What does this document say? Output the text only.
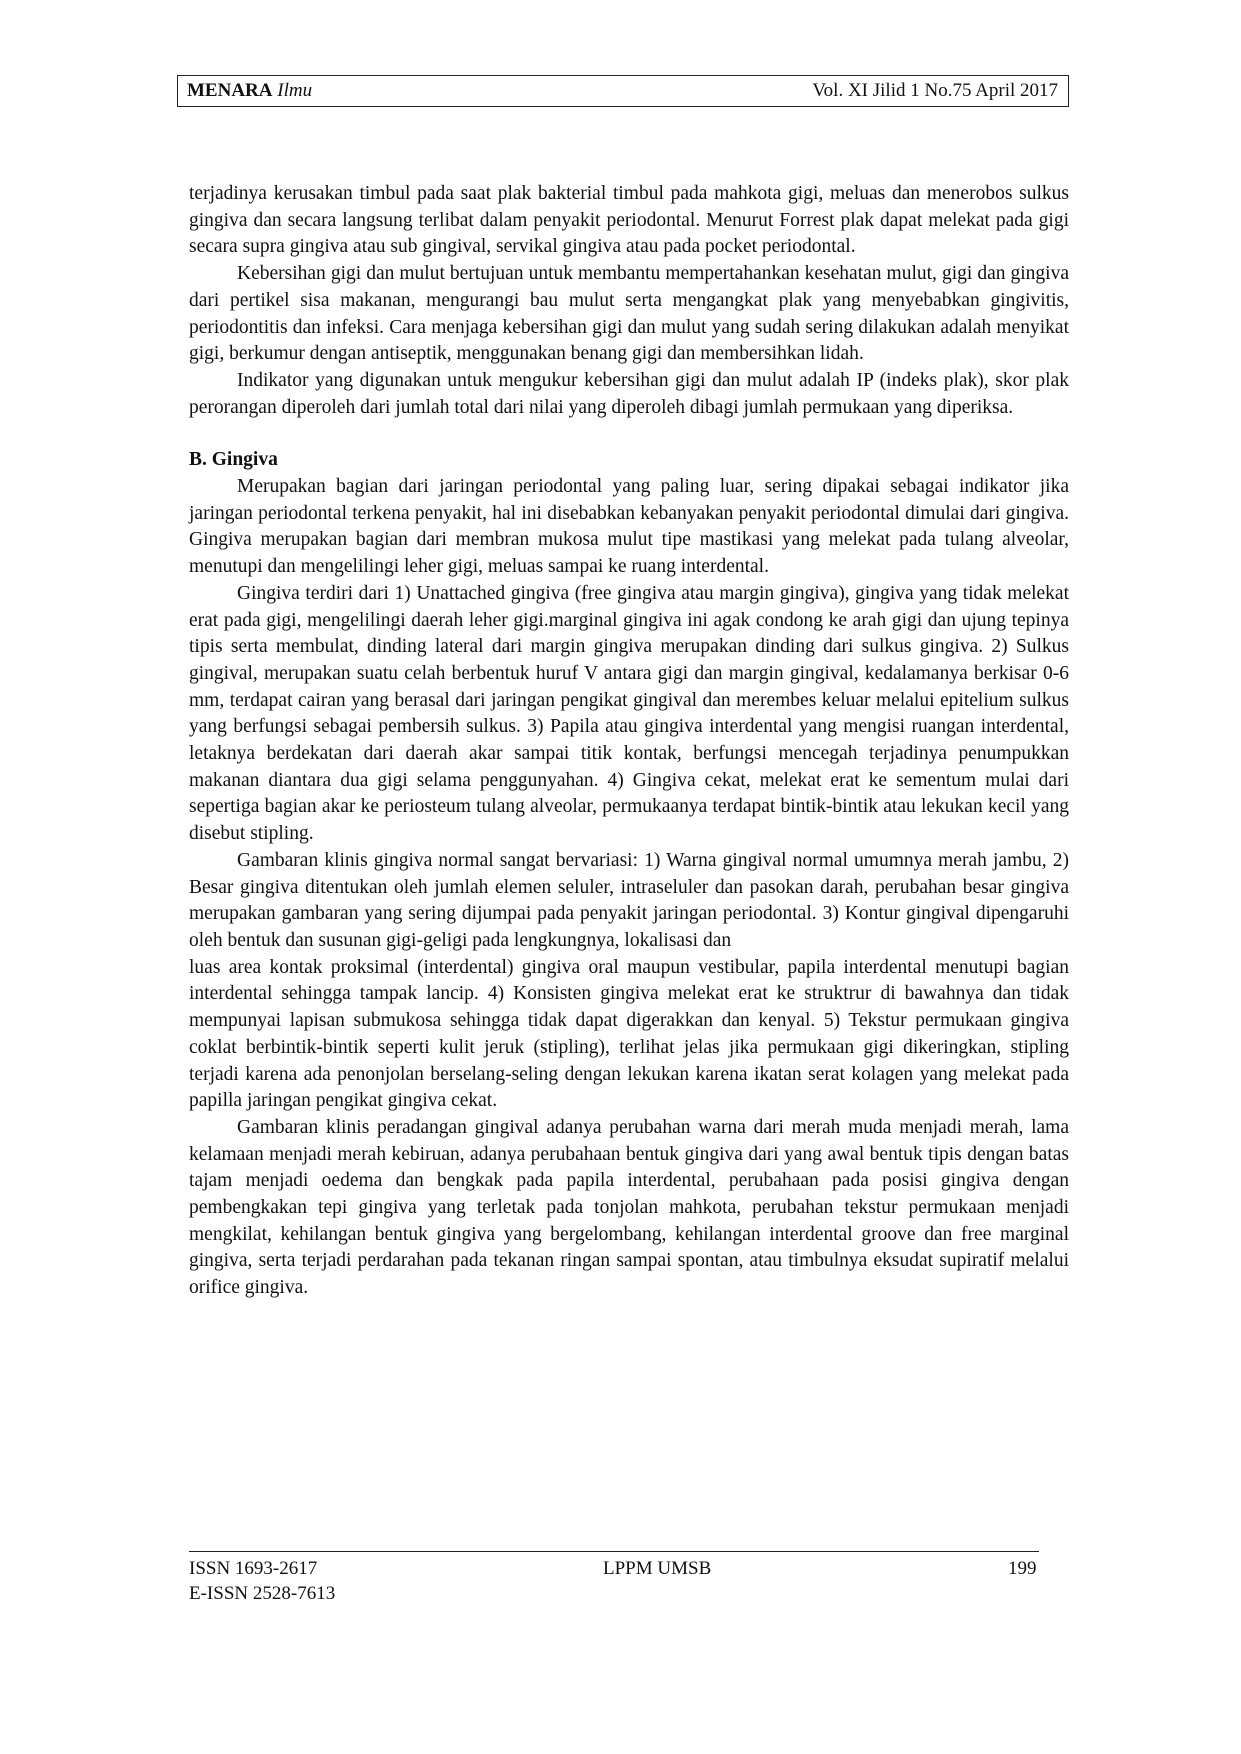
MENARA Ilmu	Vol. XI Jilid 1 No.75 April 2017

terjadinya kerusakan timbul pada saat plak bakterial timbul pada mahkota gigi, meluas dan menerobos sulkus gingiva dan secara langsung terlibat dalam penyakit periodontal. Menurut Forrest plak dapat melekat pada gigi secara supra gingiva atau sub gingival, servikal gingiva atau pada pocket periodontal.

Kebersihan gigi dan mulut bertujuan untuk membantu mempertahankan kesehatan mulut, gigi dan gingiva dari pertikel sisa makanan, mengurangi bau mulut serta mengangkat plak yang menyebabkan gingivitis, periodontitis dan infeksi. Cara menjaga kebersihan gigi dan mulut yang sudah sering dilakukan adalah menyikat gigi, berkumur dengan antiseptik, menggunakan benang gigi dan membersihkan lidah.

Indikator yang digunakan untuk mengukur kebersihan gigi dan mulut adalah IP (indeks plak), skor plak perorangan diperoleh dari jumlah total dari nilai yang diperoleh dibagi jumlah permukaan yang diperiksa.

B. Gingiva

Merupakan bagian dari jaringan periodontal yang paling luar, sering dipakai sebagai indikator jika jaringan periodontal terkena penyakit, hal ini disebabkan kebanyakan penyakit periodontal dimulai dari gingiva. Gingiva merupakan bagian dari membran mukosa mulut tipe mastikasi yang melekat pada tulang alveolar, menutupi dan mengelilingi leher gigi, meluas sampai ke ruang interdental.

Gingiva terdiri dari 1) Unattached gingiva (free gingiva atau margin gingiva), gingiva yang tidak melekat erat pada gigi, mengelilingi daerah leher gigi.marginal gingiva ini agak condong ke arah gigi dan ujung tepinya tipis serta membulat, dinding lateral dari margin gingiva merupakan dinding dari sulkus gingiva. 2) Sulkus gingival, merupakan suatu celah berbentuk huruf V antara gigi dan margin gingival, kedalamanya berkisar 0-6 mm, terdapat cairan yang berasal dari jaringan pengikat gingival dan merembes keluar melalui epitelium sulkus yang berfungsi sebagai pembersih sulkus. 3) Papila atau gingiva interdental yang mengisi ruangan interdental, letaknya berdekatan dari daerah akar sampai titik kontak, berfungsi mencegah terjadinya penumpukkan makanan diantara dua gigi selama penggunyahan. 4) Gingiva cekat, melekat erat ke sementum mulai dari sepertiga bagian akar ke periosteum tulang alveolar, permukaanya terdapat bintik-bintik atau lekukan kecil yang disebut stipling.

Gambaran klinis gingiva normal sangat bervariasi: 1) Warna gingival normal umumnya merah jambu, 2) Besar gingiva ditentukan oleh jumlah elemen seluler, intraseluler dan pasokan darah, perubahan besar gingiva merupakan gambaran yang sering dijumpai pada penyakit jaringan periodontal. 3) Kontur gingival dipengaruhi oleh bentuk dan susunan gigi-geligi pada lengkungnya, lokalisasi dan

luas area kontak proksimal (interdental) gingiva oral maupun vestibular, papila interdental menutupi bagian interdental sehingga tampak lancip. 4) Konsisten gingiva melekat erat ke struktrur di bawahnya dan tidak mempunyai lapisan submukosa sehingga tidak dapat digerakkan dan kenyal. 5) Tekstur permukaan gingiva coklat berbintik-bintik seperti kulit jeruk (stipling), terlihat jelas jika permukaan gigi dikeringkan, stipling terjadi karena ada penonjolan berselang-seling dengan lekukan karena ikatan serat kolagen yang melekat pada papilla jaringan pengikat gingiva cekat.

Gambaran klinis peradangan gingival adanya perubahan warna dari merah muda menjadi merah, lama kelamaan menjadi merah kebiruan, adanya perubahaan bentuk gingiva dari yang awal bentuk tipis dengan batas tajam menjadi oedema dan bengkak pada papila interdental, perubahaan pada posisi gingiva dengan pembengkakan tepi gingiva yang terletak pada tonjolan mahkota, perubahan tekstur permukaan menjadi mengkilat, kehilangan bentuk gingiva yang bergelombang, kehilangan interdental groove dan free marginal gingiva, serta terjadi perdarahan pada tekanan ringan sampai spontan, atau timbulnya eksudat supiratif melalui orifice gingiva.

ISSN 1693-2617
E-ISSN 2528-7613
LPPM UMSB	199
